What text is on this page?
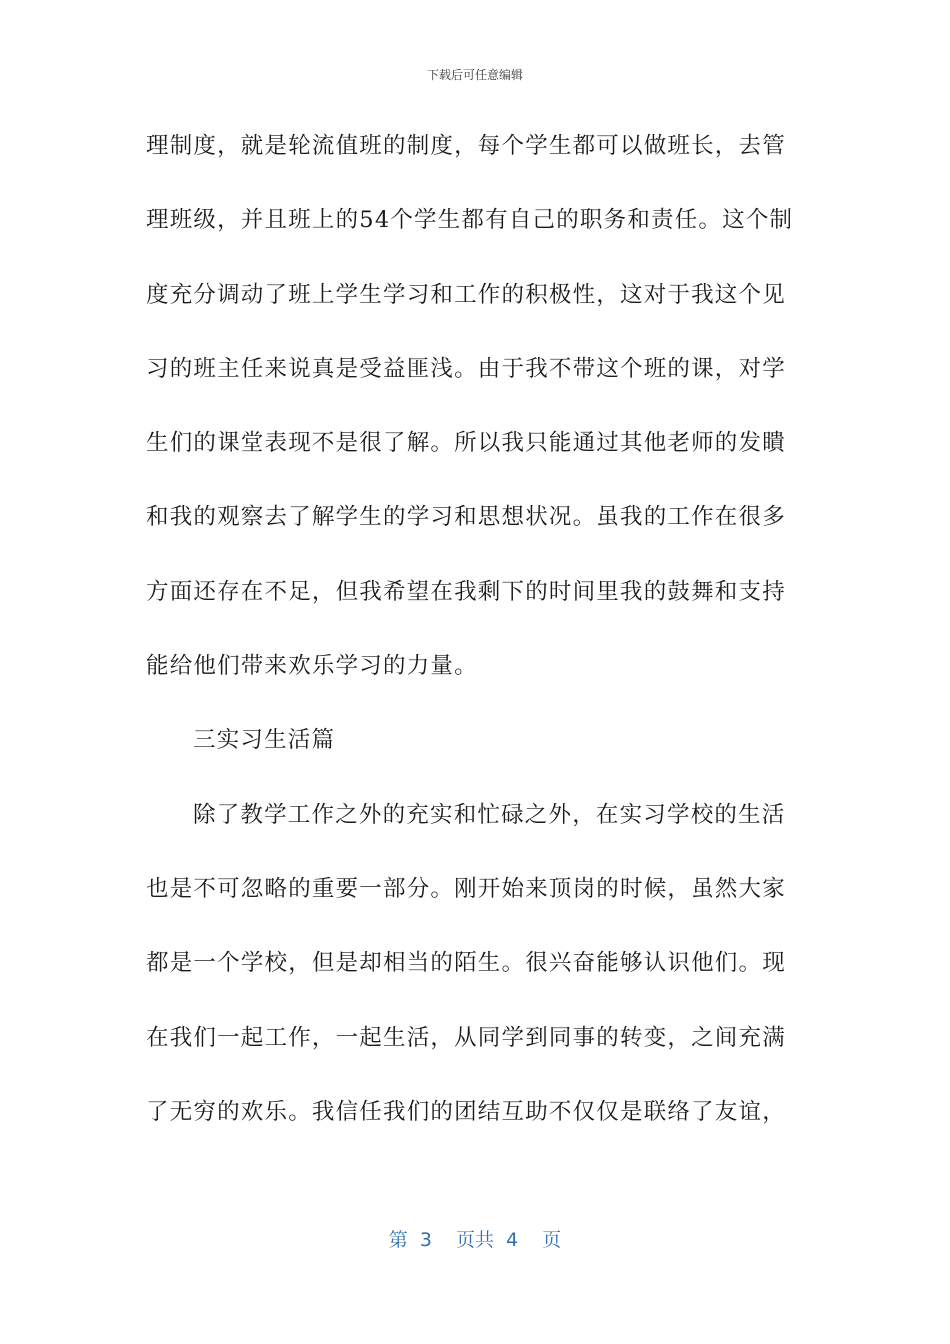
下载后可任意编辑
理制度，就是轮流值班的制度，每个学生都可以做班长，去管
理班级，并且班上的54个学生都有自己的职务和责任。这个制
度充分调动了班上学生学习和工作的积极性，这对于我这个见
习的班主任来说真是受益匪浅。由于我不带这个班的课，对学
生们的课堂表现不是很了解。所以我只能通过其他老师的发瞶
和我的观察去了解学生的学习和思想状况。虽我的工作在很多
方面还存在不足，但我希望在我剩下的时间里我的鼓舞和支持
能给他们带来欢乐学习的力量。
三实习生活篇
除了教学工作之外的充实和忙碌之外，在实习学校的生活
也是不可忽略的重要一部分。刚开始来顶岗的时候，虽然大家
都是一个学校，但是却相当的陌生。很兴奋能够认识他们。现
在我们一起工作，一起生活，从同学到同事的转变，之间充满
了无穷的欢乐。我信任我们的团结互助不仅仅是联络了友谊，
第 3  页共 4  页
